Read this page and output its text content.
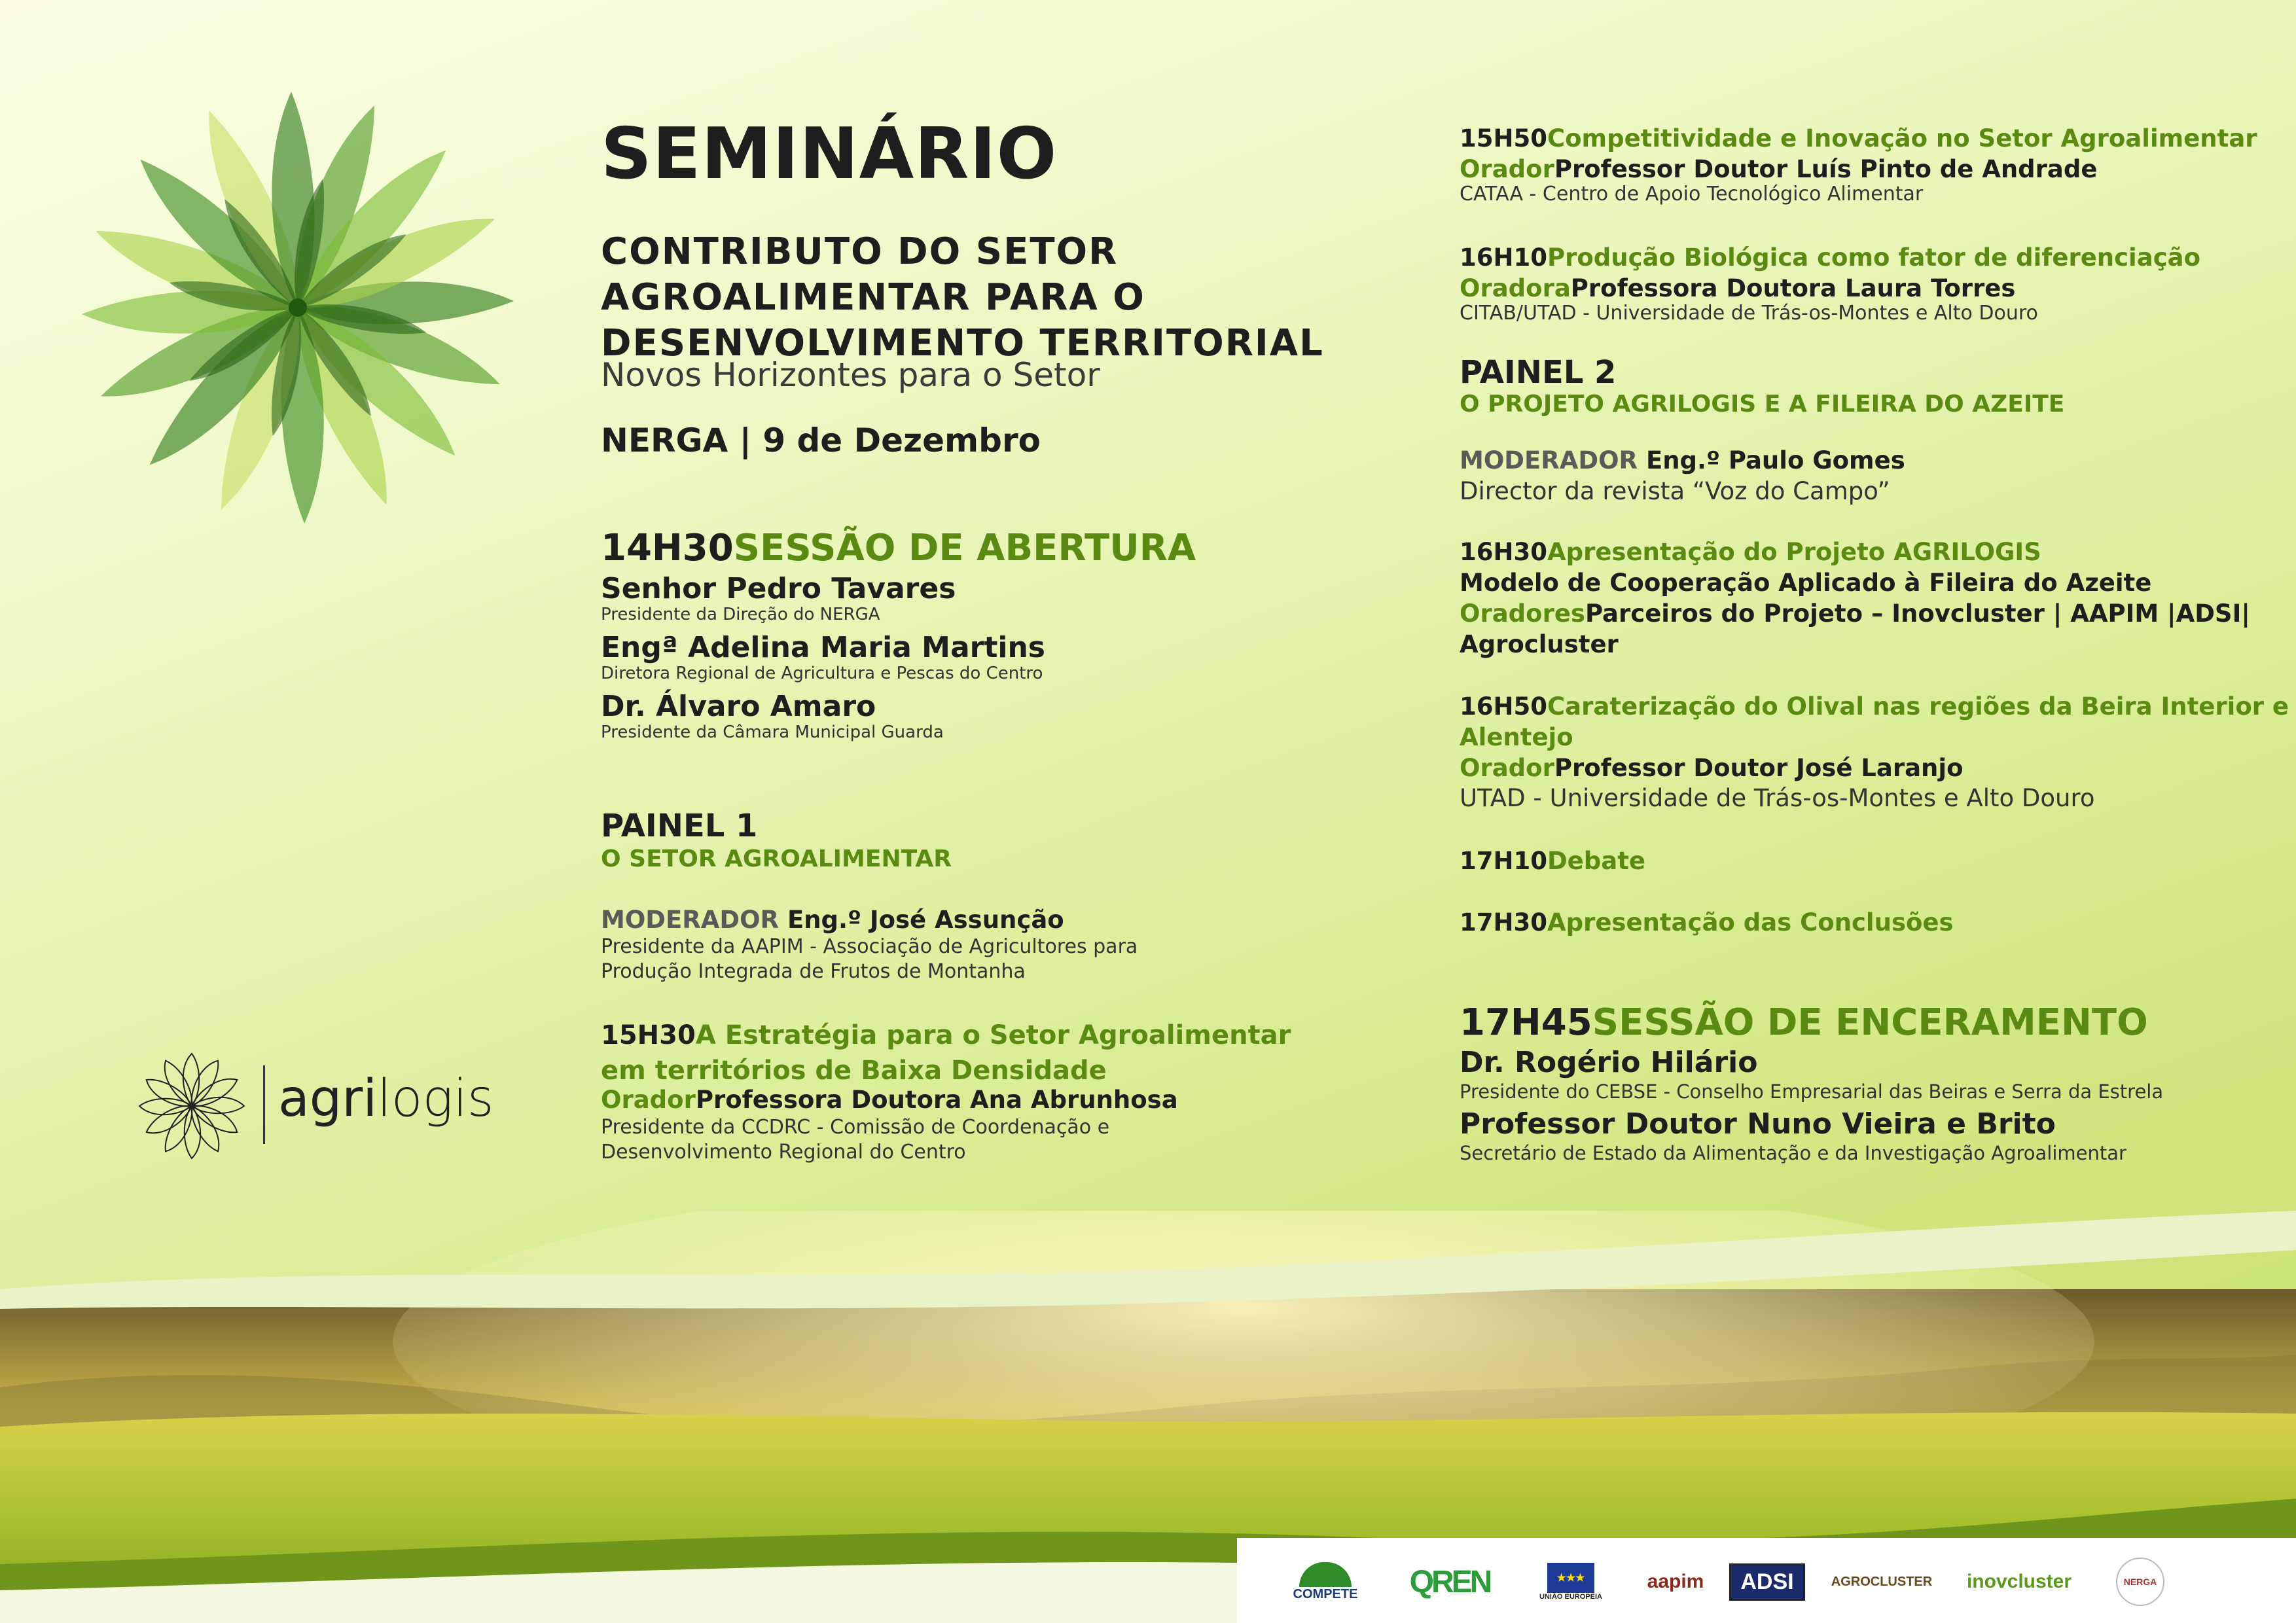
SEMINÁRIO
CONTRIBUTO DO SETOR
AGROALIMENTAR PARA O
DESENVOLVIMENTO TERRITORIAL
Novos Horizontes para o Setor
NERGA | 9 de Dezembro
14H30SESSÃO DE ABERTURA
Senhor Pedro Tavares
Presidente da Direção do NERGA
Engª Adelina Maria Martins
Diretora Regional de Agricultura e Pescas do Centro
Dr. Álvaro Amaro
Presidente da Câmara Municipal Guarda
PAINEL 1
O SETOR AGROALIMENTAR
MODERADOR Eng.º José Assunção
Presidente da AAPIM - Associação de Agricultores para
Produção Integrada de Frutos de Montanha
15H30A Estratégia para o Setor Agroalimentar
em territórios de Baixa Densidade
OradorProfessora Doutora Ana Abrunhosa
Presidente da CCDRC - Comissão de Coordenação e
Desenvolvimento Regional do Centro
15H50Competitividade e Inovação no Setor Agroalimentar
OradorProfessor Doutor Luís Pinto de Andrade
CATAA - Centro de Apoio Tecnológico Alimentar
16H10Produção Biológica como fator de diferenciação
OradoraProfessora Doutora Laura Torres
CITAB/UTAD - Universidade de Trás-os-Montes e Alto Douro
PAINEL 2
O PROJETO AGRILOGIS E A FILEIRA DO AZEITE
MODERADOR Eng.º Paulo Gomes
Director da revista “Voz do Campo”
16H30Apresentação do Projeto AGRILOGIS
Modelo de Cooperação Aplicado à Fileira do Azeite
OradoresParceiros do Projeto – Inovcluster | AAPIM |ADSI|
Agrocluster
16H50Caraterização do Olival nas regiões da Beira Interior e
Alentejo
OradorProfessor Doutor José Laranjo
UTAD - Universidade de Trás-os-Montes e Alto Douro
17H10Debate
17H30Apresentação das Conclusões
17H45SESSÃO DE ENCERAMENTO
Dr. Rogério Hilário
Presidente do CEBSE - Conselho Empresarial das Beiras e Serra da Estrela
Professor Doutor Nuno Vieira e Brito
Secretário de Estado da Alimentação e da Investigação Agroalimentar
agrilogis
COMPETE QREN	★★★
UNIÃO EUROPEIA
aapim	ADSI	AGROCLUSTER inovcluster	NERGA
